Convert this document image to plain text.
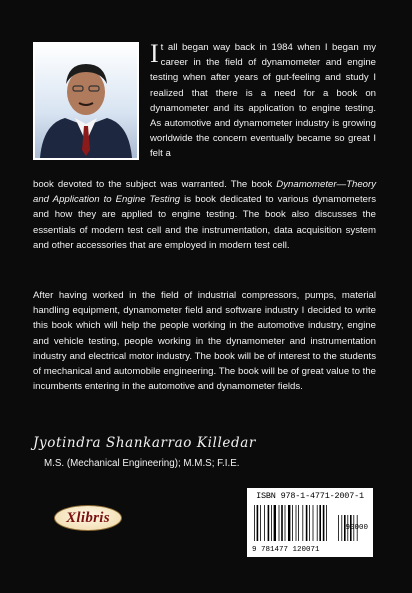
It all began way back in 1984 when I began my career in the field of dynamometer and engine testing when after years of gut-feeling and study I realized that there is a need for a book on dynamometer and its application to engine testing. As automotive and dynamometer industry is growing worldwide the concern eventually became so great I felt a

book devoted to the subject was warranted. The book Dynamometer—Theory and Application to Engine Testing is book dedicated to various dynamometers and how they are applied to engine testing. The book also discusses the essentials of modern test cell and the instrumentation, data acquisition system and other accessories that are employed in modern test cell.

After having worked in the field of industrial compressors, pumps, material handling equipment, dynamometer field and software industry I decided to write this book which will help the people working in the automotive industry, engine and vehicle testing, people working in the dynamometer and instrumentation industry and electrical motor industry. The book will be of interest to the students of mechanical and automobile engineering. The book will be of great value to the incumbents entering in the automotive and dynamometer fields.

Jyotindra Shankarrao Killedar
M.S. (Mechanical Engineering); M.M.S; F.I.E.
Xlibris
ISBN 978-1-4771-2007-1
9 781477 120071
90000
